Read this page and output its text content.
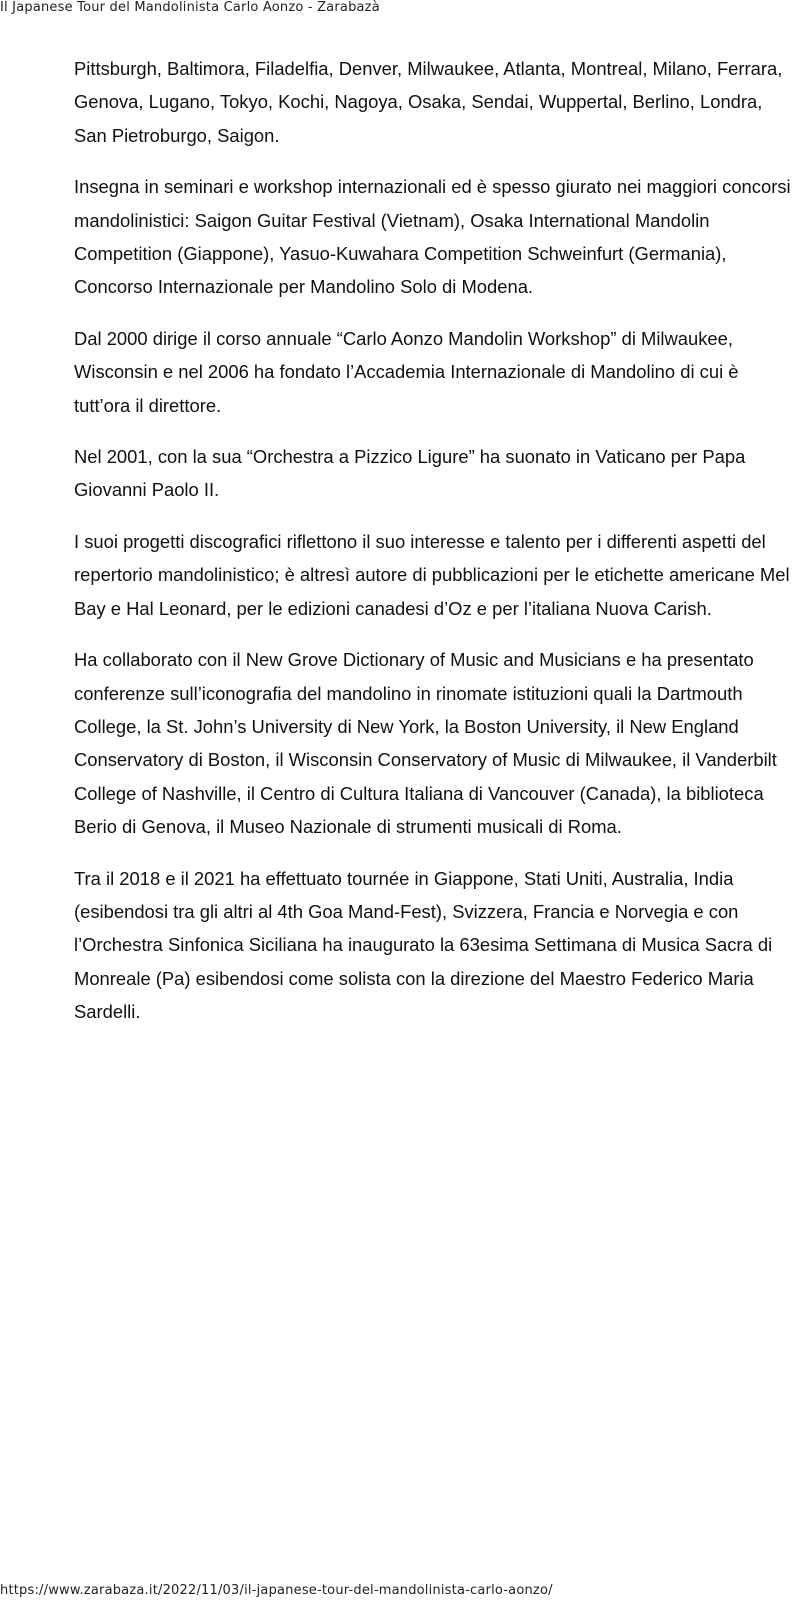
Il Japanese Tour del Mandolinista Carlo Aonzo - Zarabazà

Pittsburgh, Baltimora, Filadelfia, Denver, Milwaukee, Atlanta, Montreal, Milano, Ferrara, Genova, Lugano, Tokyo, Kochi, Nagoya, Osaka, Sendai, Wuppertal, Berlino, Londra, San Pietroburgo, Saigon.

Insegna in seminari e workshop internazionali ed è spesso giurato nei maggiori concorsi mandolinistici: Saigon Guitar Festival (Vietnam), Osaka International Mandolin Competition (Giappone), Yasuo-Kuwahara Competition Schweinfurt (Germania), Concorso Internazionale per Mandolino Solo di Modena.

Dal 2000 dirige il corso annuale “Carlo Aonzo Mandolin Workshop” di Milwaukee, Wisconsin e nel 2006 ha fondato l’Accademia Internazionale di Mandolino di cui è tutt’ora il direttore.

Nel 2001, con la sua “Orchestra a Pizzico Ligure” ha suonato in Vaticano per Papa Giovanni Paolo II.

I suoi progetti discografici riflettono il suo interesse e talento per i differenti aspetti del repertorio mandolinistico; è altresì autore di pubblicazioni per le etichette americane Mel Bay e Hal Leonard, per le edizioni canadesi d’Oz e per l’italiana Nuova Carish.

Ha collaborato con il New Grove Dictionary of Music and Musicians e ha presentato conferenze sull’iconografia del mandolino in rinomate istituzioni quali la Dartmouth College, la St. John’s University di New York, la Boston University, il New England Conservatory di Boston, il Wisconsin Conservatory of Music di Milwaukee, il Vanderbilt College of Nashville, il Centro di Cultura Italiana di Vancouver (Canada), la biblioteca Berio di Genova, il Museo Nazionale di strumenti musicali di Roma.

Tra il 2018 e il 2021 ha effettuato tournée in Giappone, Stati Uniti, Australia, India (esibendosi tra gli altri al 4th Goa Mand-Fest), Svizzera, Francia e Norvegia e con l’Orchestra Sinfonica Siciliana ha inaugurato la 63esima Settimana di Musica Sacra di Monreale (Pa) esibendosi come solista con la direzione del Maestro Federico Maria Sardelli.

https://www.zarabaza.it/2022/11/03/il-japanese-tour-del-mandolinista-carlo-aonzo/
